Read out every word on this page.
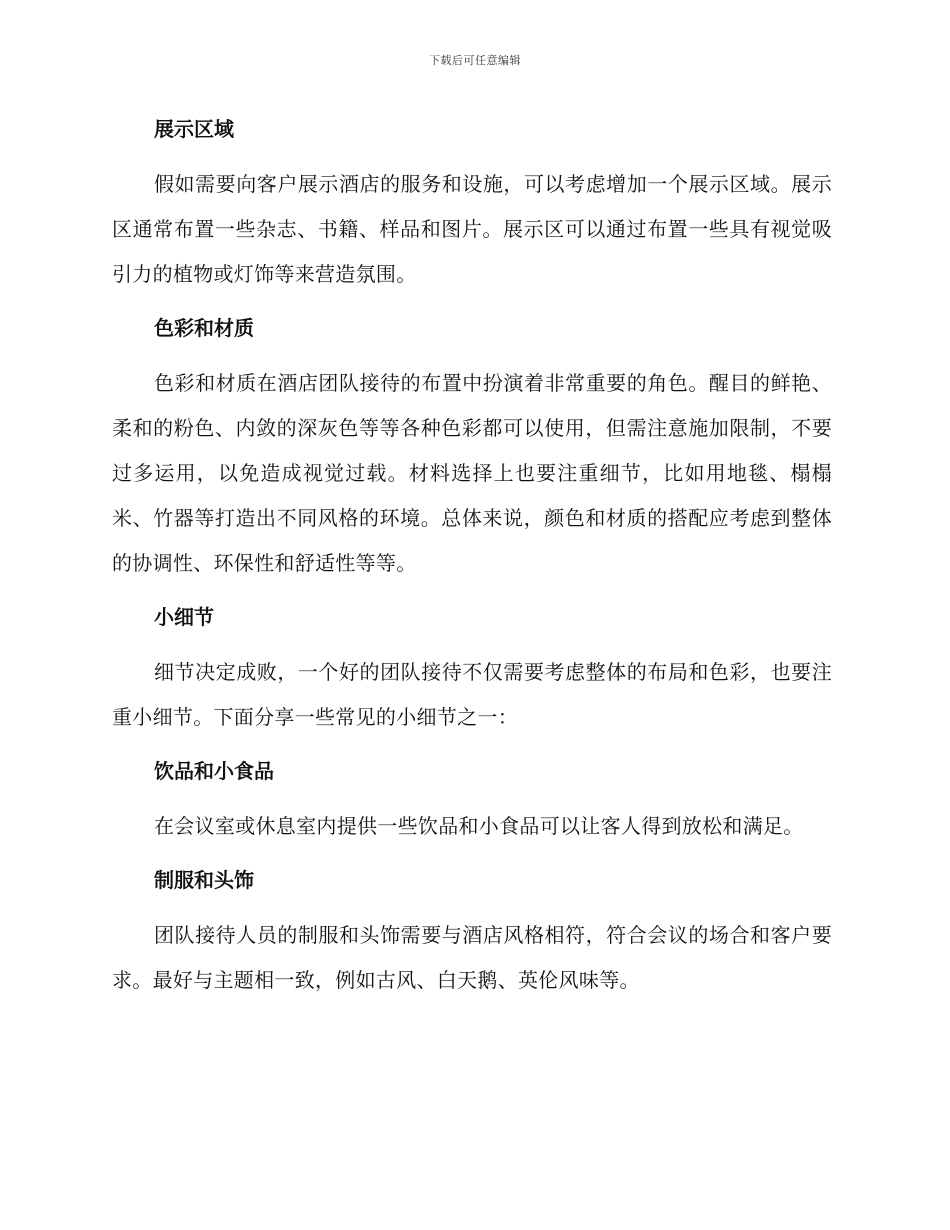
下载后可任意编辑
展示区域

假如需要向客户展示酒店的服务和设施，可以考虑增加一个展示区域。展示区通常布置一些杂志、书籍、样品和图片。展示区可以通过布置一些具有视觉吸引力的植物或灯饰等来营造氛围。

色彩和材质

色彩和材质在酒店团队接待的布置中扮演着非常重要的角色。醒目的鲜艳、柔和的粉色、内敛的深灰色等等各种色彩都可以使用，但需注意施加限制，不要过多运用，以免造成视觉过载。材料选择上也要注重细节，比如用地毯、榻榻米、竹器等打造出不同风格的环境。总体来说，颜色和材质的搭配应考虑到整体的协调性、环保性和舒适性等等。

小细节

细节决定成败，一个好的团队接待不仅需要考虑整体的布局和色彩，也要注重小细节。下面分享一些常见的小细节之一：

饮品和小食品

在会议室或休息室内提供一些饮品和小食品可以让客人得到放松和满足。

制服和头饰

团队接待人员的制服和头饰需要与酒店风格相符，符合会议的场合和客户要求。最好与主题相一致，例如古风、白天鹅、英伦风味等。
